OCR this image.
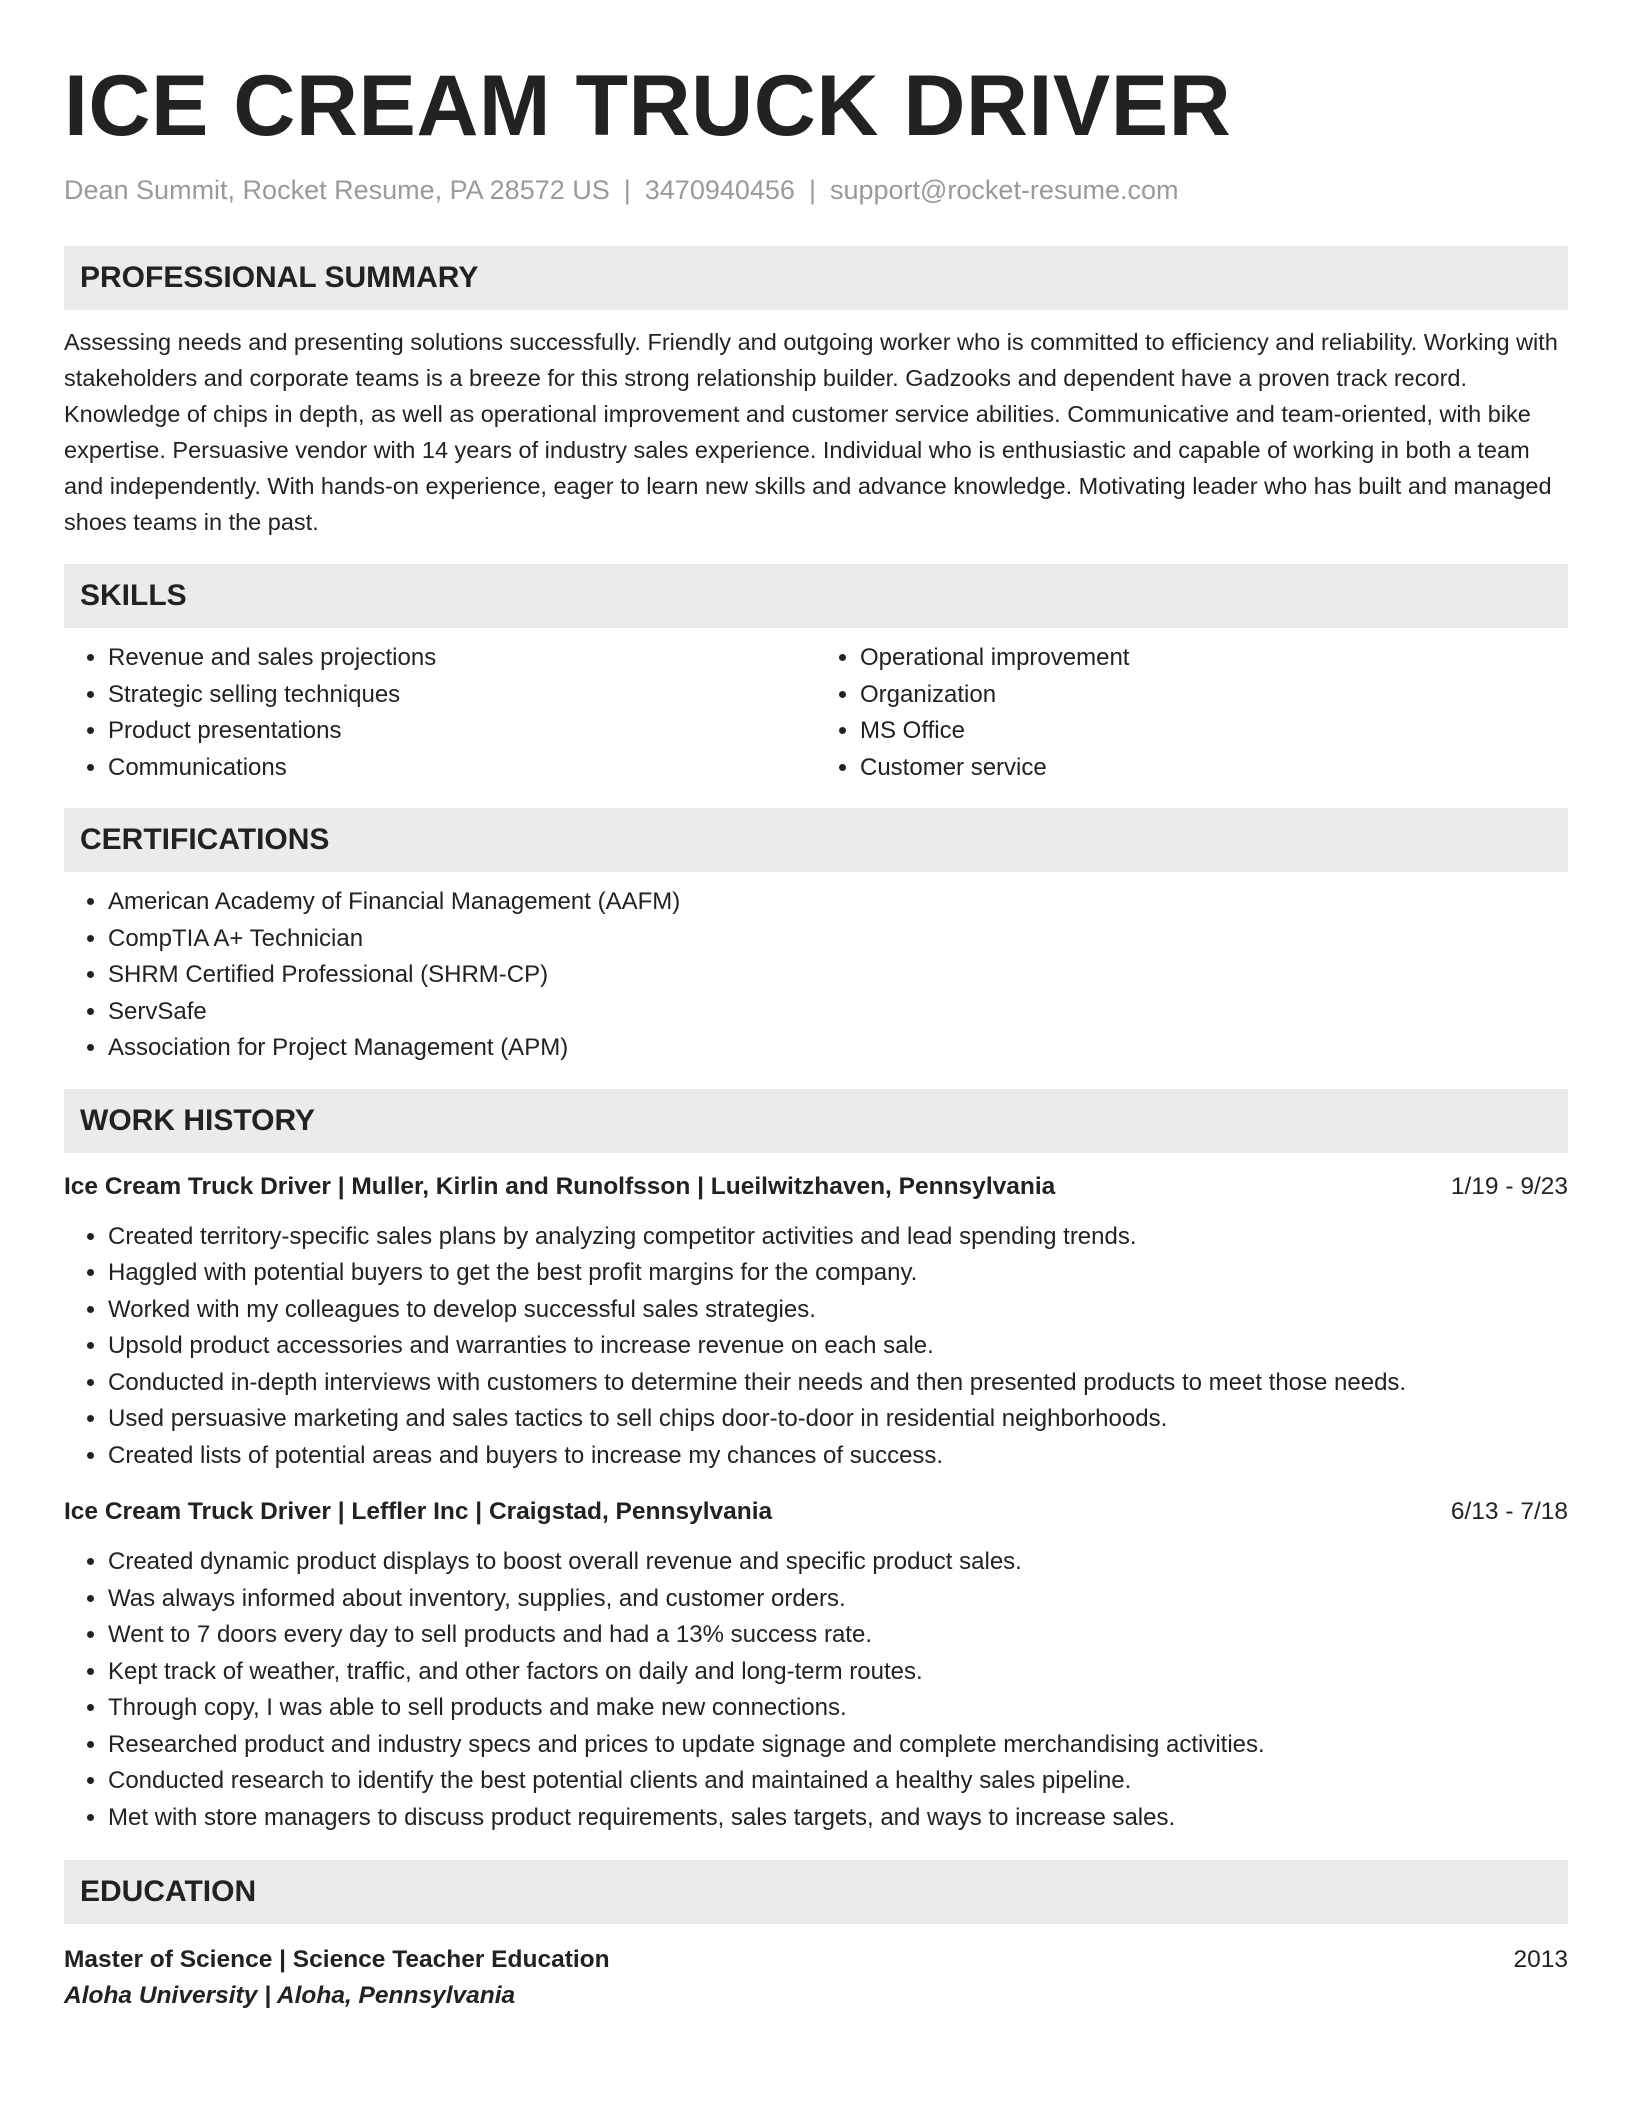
ICE CREAM TRUCK DRIVER
Dean Summit, Rocket Resume, PA 28572 US | 3470940456 | support@rocket-resume.com
PROFESSIONAL SUMMARY

Assessing needs and presenting solutions successfully. Friendly and outgoing worker who is committed to efficiency and reliability. Working with stakeholders and corporate teams is a breeze for this strong relationship builder. Gadzooks and dependent have a proven track record. Knowledge of chips in depth, as well as operational improvement and customer service abilities. Communicative and team-oriented, with bike expertise. Persuasive vendor with 14 years of industry sales experience. Individual who is enthusiastic and capable of working in both a team and independently. With hands-on experience, eager to learn new skills and advance knowledge. Motivating leader who has built and managed shoes teams in the past.

SKILLS
• Revenue and sales projections
• Strategic selling techniques
• Product presentations
• Communications
• Operational improvement
• Organization
• MS Office
• Customer service
CERTIFICATIONS
• American Academy of Financial Management (AAFM)
• CompTIA A+ Technician
• SHRM Certified Professional (SHRM-CP)
• ServSafe
• Association for Project Management (APM)
WORK HISTORY
Ice Cream Truck Driver | Muller, Kirlin and Runolfsson | Lueilwitzhaven, Pennsylvania	1/19 - 9/23
• Created territory-specific sales plans by analyzing competitor activities and lead spending trends.
• Haggled with potential buyers to get the best profit margins for the company.
• Worked with my colleagues to develop successful sales strategies.
• Upsold product accessories and warranties to increase revenue on each sale.
• Conducted in-depth interviews with customers to determine their needs and then presented products to meet those needs.
• Used persuasive marketing and sales tactics to sell chips door-to-door in residential neighborhoods.
• Created lists of potential areas and buyers to increase my chances of success.
Ice Cream Truck Driver | Leffler Inc | Craigstad, Pennsylvania	6/13 - 7/18
• Created dynamic product displays to boost overall revenue and specific product sales.
• Was always informed about inventory, supplies, and customer orders.
• Went to 7 doors every day to sell products and had a 13% success rate.
• Kept track of weather, traffic, and other factors on daily and long-term routes.
• Through copy, I was able to sell products and make new connections.
• Researched product and industry specs and prices to update signage and complete merchandising activities.
• Conducted research to identify the best potential clients and maintained a healthy sales pipeline.
• Met with store managers to discuss product requirements, sales targets, and ways to increase sales.
EDUCATION
Master of Science | Science Teacher Education	2013
Aloha University | Aloha, Pennsylvania
